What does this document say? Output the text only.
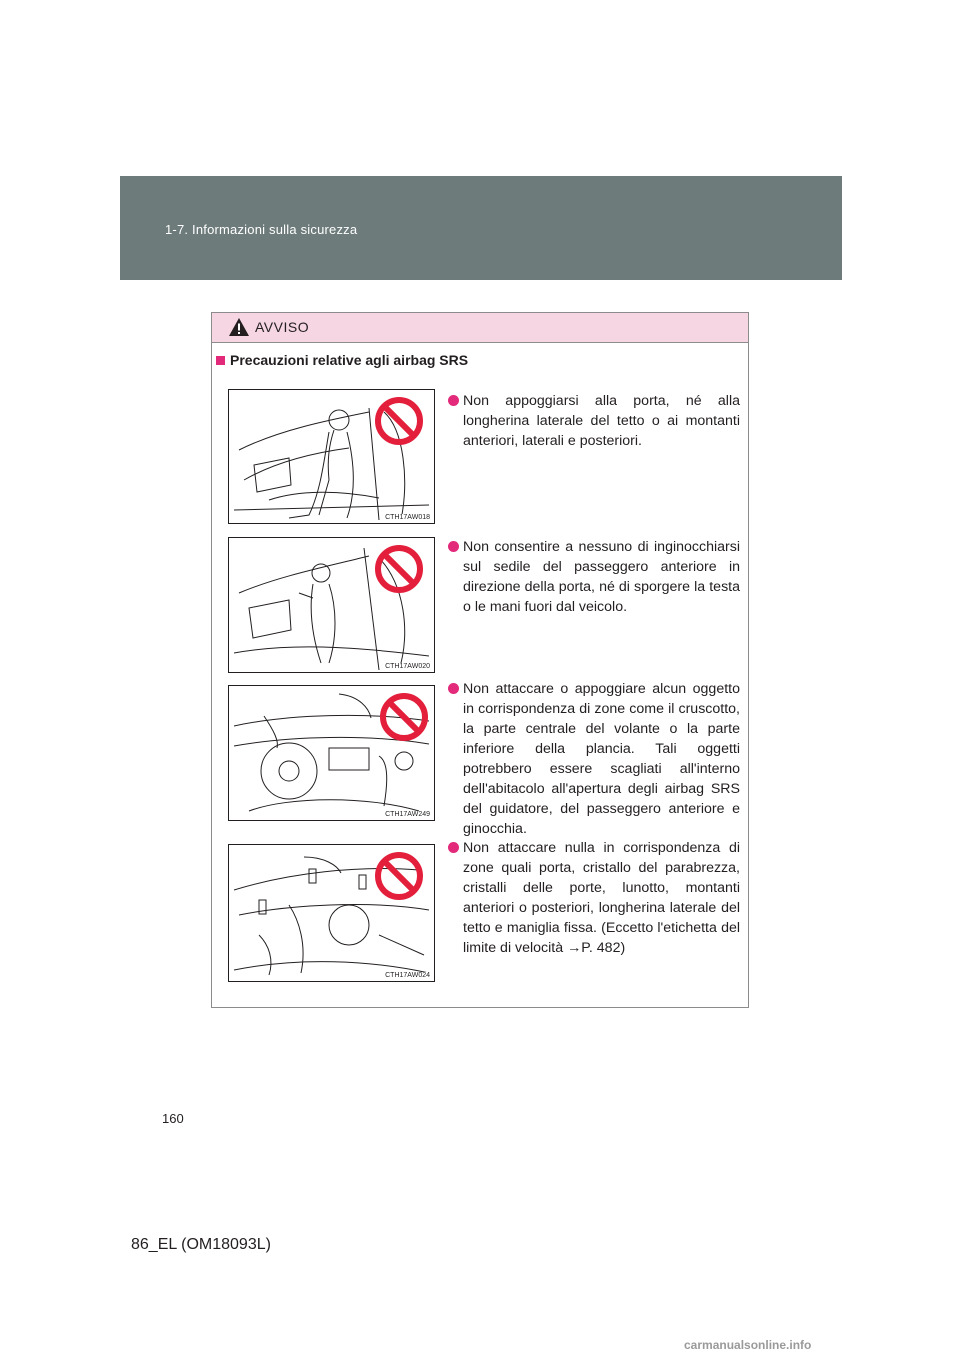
1-7. Informazioni sulla sicurezza
AVVISO
Precauzioni relative agli airbag SRS
CTH17AW018
Non appoggiarsi alla porta, né alla longherina laterale del tetto o ai montanti anteriori, laterali e posteriori.
CTH17AW020
Non consentire a nessuno di inginocchiarsi sul sedile del passeggero anteriore in direzione della porta, né di sporgere la testa o le mani fuori dal veicolo.
CTH17AW249
Non attaccare o appoggiare alcun oggetto in corrispondenza di zone come il cruscotto, la parte centrale del volante o la parte inferiore della plancia. Tali oggetti potrebbero essere scagliati all'interno dell'abitacolo all'apertura degli airbag SRS del guidatore, del passeggero anteriore e ginocchia.
CTH17AW024
Non attaccare nulla in corrispondenza di zone quali porta, cristallo del parabrezza, cristalli delle porte, lunotto, montanti anteriori o posteriori, longherina laterale del tetto e maniglia fissa. (Eccetto l'etichetta del limite di velocità →P. 482)
160
86_EL (OM18093L)
carmanualsonline.info
